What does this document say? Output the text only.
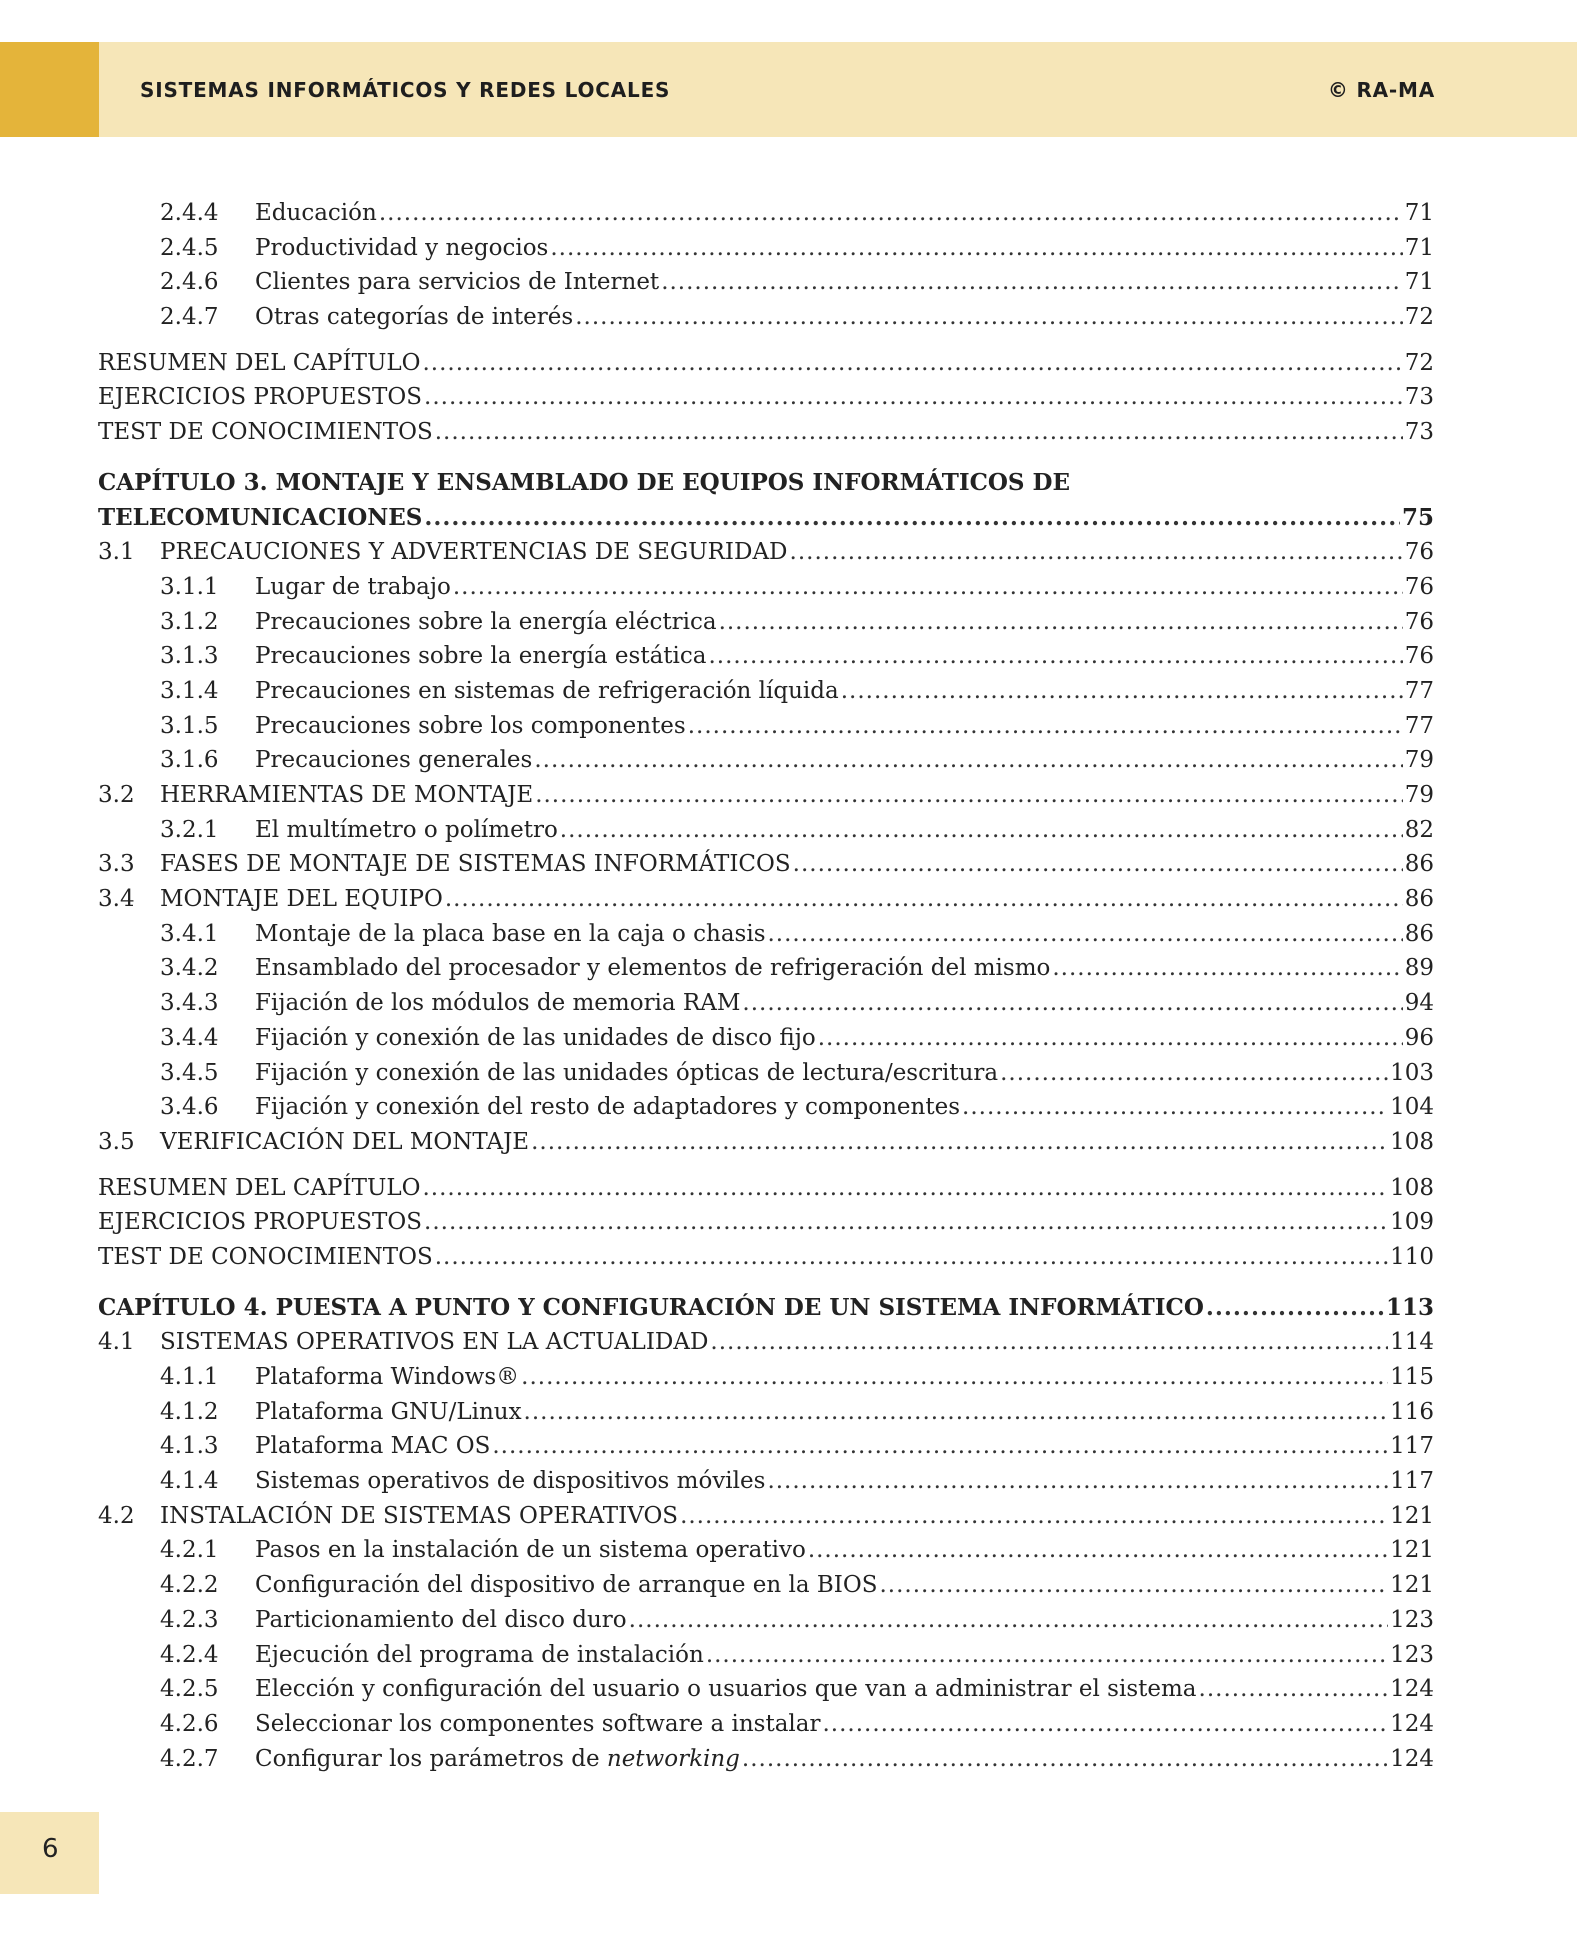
SISTEMAS INFORMÁTICOS Y REDES LOCALES	© RA-MA
2.4.4 Educación .....	71
2.4.5 Productividad y negocios .....	71
2.4.6 Clientes para servicios de Internet .....	71
2.4.7 Otras categorías de interés .....	72
RESUMEN DEL CAPÍTULO .....	72
EJERCICIOS PROPUESTOS .....	73
TEST DE CONOCIMIENTOS .....	73
CAPÍTULO 3. MONTAJE Y ENSAMBLADO DE EQUIPOS INFORMÁTICOS DE
TELECOMUNICACIONES .....	75
3.1 PRECAUCIONES Y ADVERTENCIAS DE SEGURIDAD .....	76
3.1.1 Lugar de trabajo .....	76
3.1.2 Precauciones sobre la energía eléctrica .....	76
3.1.3 Precauciones sobre la energía estática .....	76
3.1.4 Precauciones en sistemas de refrigeración líquida .....	77
3.1.5 Precauciones sobre los componentes .....	77
3.1.6 Precauciones generales .....	79
3.2 HERRAMIENTAS DE MONTAJE .....	79
3.2.1 El multímetro o polímetro .....	82
3.3 FASES DE MONTAJE DE SISTEMAS INFORMÁTICOS .....	86
3.4 MONTAJE DEL EQUIPO .....	86
3.4.1 Montaje de la placa base en la caja o chasis .....	86
3.4.2 Ensamblado del procesador y elementos de refrigeración del mismo .....	89
3.4.3 Fijación de los módulos de memoria RAM .....	94
3.4.4 Fijación y conexión de las unidades de disco fijo .....	96
3.4.5 Fijación y conexión de las unidades ópticas de lectura/escritura .....	103
3.4.6 Fijación y conexión del resto de adaptadores y componentes .....	104
3.5 VERIFICACIÓN DEL MONTAJE .....	108
RESUMEN DEL CAPÍTULO .....	108
EJERCICIOS PROPUESTOS .....	109
TEST DE CONOCIMIENTOS .....	110
CAPÍTULO 4. PUESTA A PUNTO Y CONFIGURACIÓN DE UN SISTEMA INFORMÁTICO .....	113
4.1 SISTEMAS OPERATIVOS EN LA ACTUALIDAD .....	114
4.1.1 Plataforma Windows® .....	115
4.1.2 Plataforma GNU/Linux .....	116
4.1.3 Plataforma MAC OS .....	117
4.1.4 Sistemas operativos de dispositivos móviles .....	117
4.2 INSTALACIÓN DE SISTEMAS OPERATIVOS .....	121
4.2.1 Pasos en la instalación de un sistema operativo .....	121
4.2.2 Configuración del dispositivo de arranque en la BIOS .....	121
4.2.3 Particionamiento del disco duro .....	123
4.2.4 Ejecución del programa de instalación .....	123
4.2.5 Elección y configuración del usuario o usuarios que van a administrar el sistema .....	124
4.2.6 Seleccionar los componentes software a instalar .....	124
4.2.7 Configurar los parámetros de networking .....	124
6
